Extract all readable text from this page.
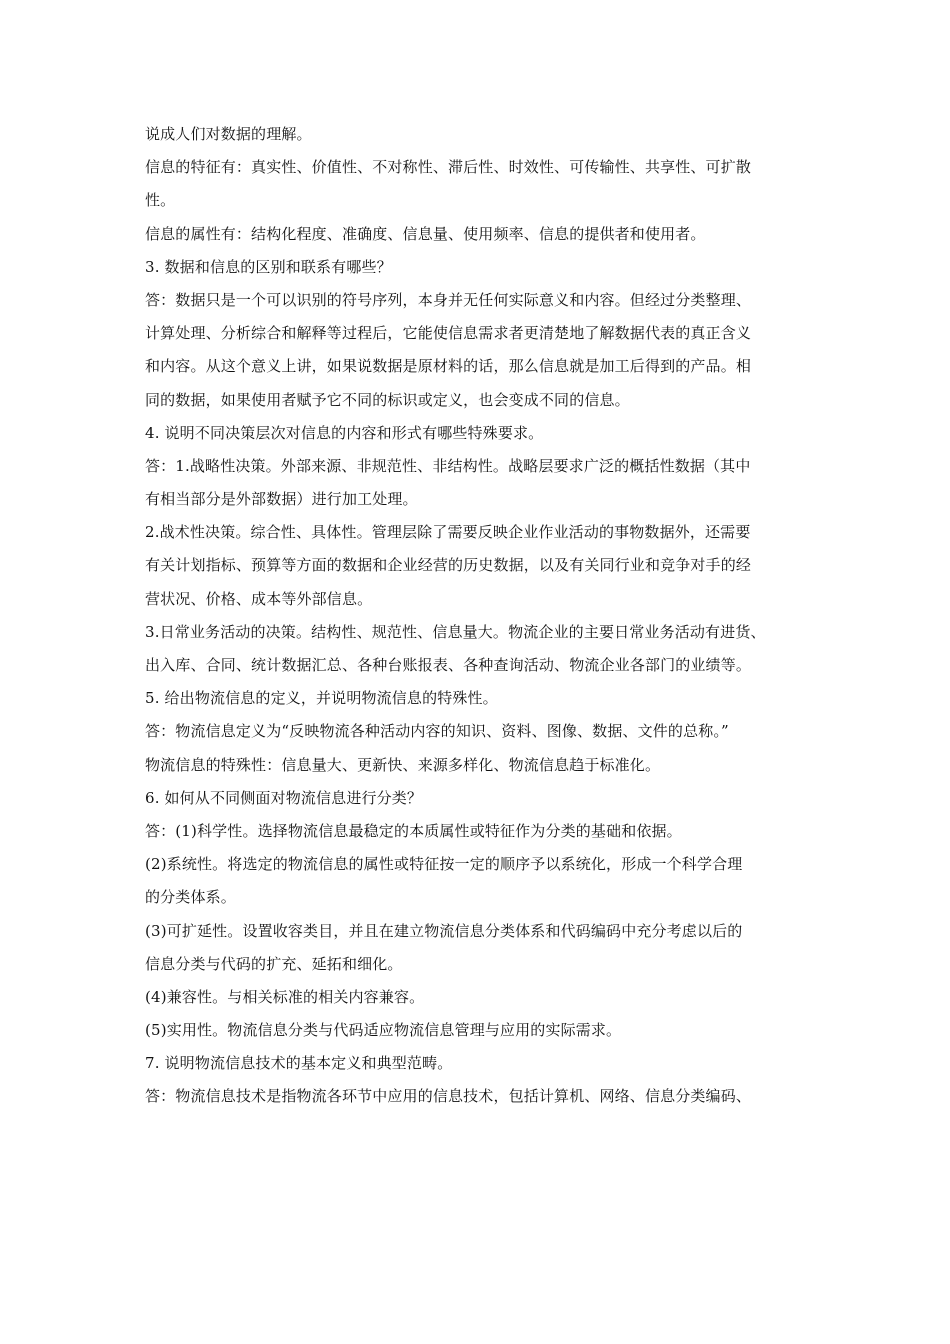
说成人们对数据的理解。
信息的特征有：真实性、价值性、不对称性、滞后性、时效性、可传输性、共享性、可扩散
性。
信息的属性有：结构化程度、准确度、信息量、使用频率、信息的提供者和使用者。
3. 数据和信息的区别和联系有哪些？
答：数据只是一个可以识别的符号序列，本身并无任何实际意义和内容。但经过分类整理、
计算处理、分析综合和解释等过程后，它能使信息需求者更清楚地了解数据代表的真正含义
和内容。从这个意义上讲，如果说数据是原材料的话，那么信息就是加工后得到的产品。相
同的数据，如果使用者赋予它不同的标识或定义，也会变成不同的信息。
4. 说明不同决策层次对信息的内容和形式有哪些特殊要求。
答：1.战略性决策。外部来源、非规范性、非结构性。战略层要求广泛的概括性数据（其中
有相当部分是外部数据）进行加工处理。
2.战术性决策。综合性、具体性。管理层除了需要反映企业作业活动的事物数据外，还需要
有关计划指标、预算等方面的数据和企业经营的历史数据，以及有关同行业和竞争对手的经
营状况、价格、成本等外部信息。
3.日常业务活动的决策。结构性、规范性、信息量大。物流企业的主要日常业务活动有进货、
出入库、合同、统计数据汇总、各种台账报表、各种查询活动、物流企业各部门的业绩等。
5. 给出物流信息的定义，并说明物流信息的特殊性。
答：物流信息定义为“反映物流各种活动内容的知识、资料、图像、数据、文件的总称。”
物流信息的特殊性：信息量大、更新快、来源多样化、物流信息趋于标准化。
6. 如何从不同侧面对物流信息进行分类？
答：(1)科学性。选择物流信息最稳定的本质属性或特征作为分类的基础和依据。
(2)系统性。将选定的物流信息的属性或特征按一定的顺序予以系统化，形成一个科学合理
的分类体系。
(3)可扩延性。设置收容类目，并且在建立物流信息分类体系和代码编码中充分考虑以后的
信息分类与代码的扩充、延拓和细化。
(4)兼容性。与相关标准的相关内容兼容。
(5)实用性。物流信息分类与代码适应物流信息管理与应用的实际需求。
7. 说明物流信息技术的基本定义和典型范畴。
答：物流信息技术是指物流各环节中应用的信息技术，包括计算机、网络、信息分类编码、
